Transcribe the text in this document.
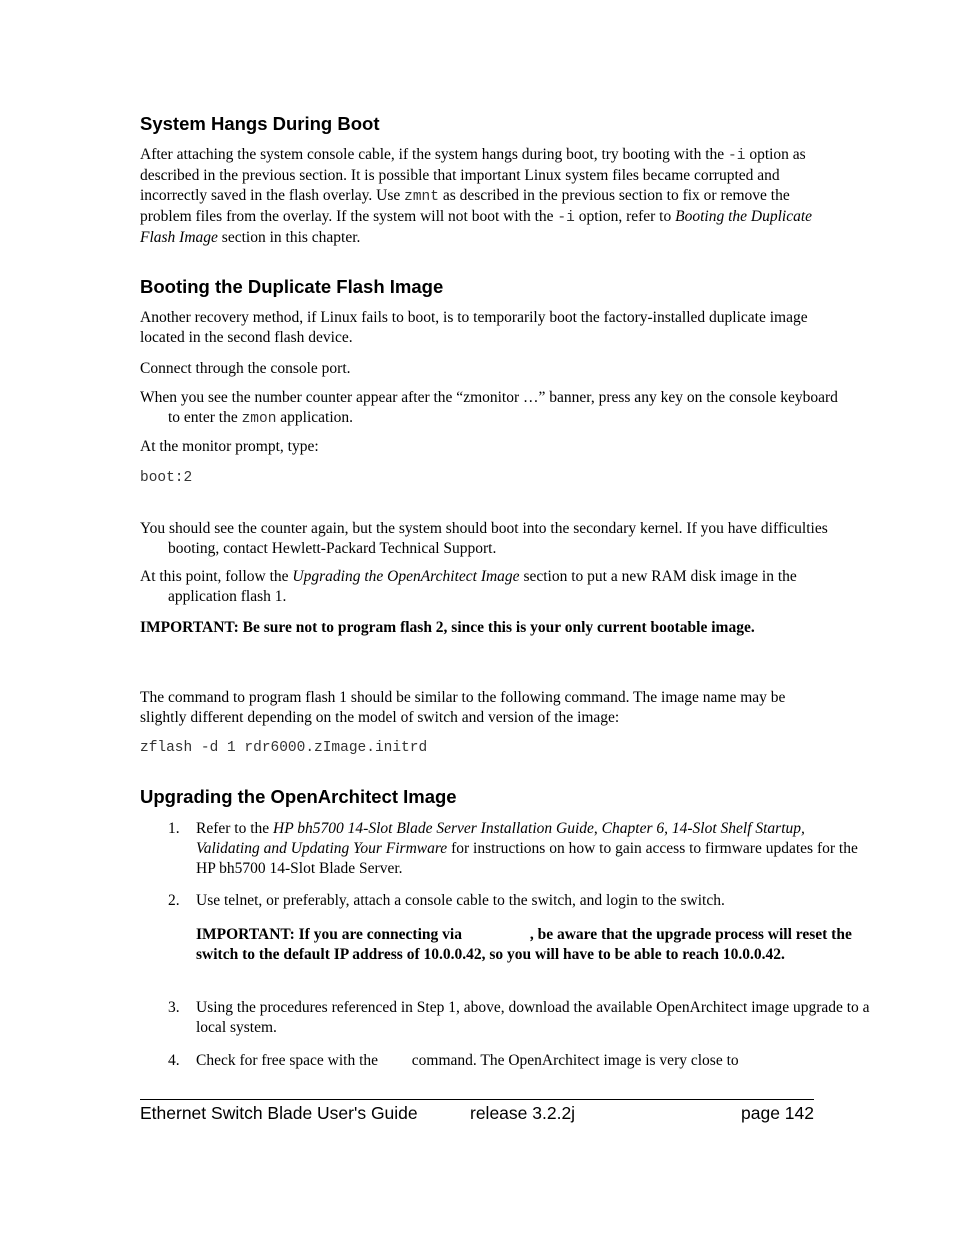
System Hangs During Boot

After attaching the system console cable, if the system hangs during boot, try booting with the -i option as described in the previous section. It is possible that important Linux system files became corrupted and incorrectly saved in the flash overlay. Use zmnt as described in the previous section to fix or remove the problem files from the overlay. If the system will not boot with the -i option, refer to Booting the Duplicate Flash Image section in this chapter.

Booting the Duplicate Flash Image

Another recovery method, if Linux fails to boot, is to temporarily boot the factory-installed duplicate image located in the second flash device.

Connect through the console port.

When you see the number counter appear after the “zmonitor …” banner, press any key on the console keyboard to enter the zmon application.

At the monitor prompt, type:

boot:2

You should see the counter again, but the system should boot into the secondary kernel. If you have difficulties booting, contact Hewlett-Packard Technical Support.

At this point, follow the Upgrading the OpenArchitect Image section to put a new RAM disk image in the application flash 1.

IMPORTANT: Be sure not to program flash 2, since this is your only current bootable image.

The command to program flash 1 should be similar to the following command. The image name may be slightly different depending on the model of switch and version of the image:

zflash -d 1 rdr6000.zImage.initrd

Upgrading the OpenArchitect Image
1. Refer to the HP bh5700 14-Slot Blade Server Installation Guide, Chapter 6, 14-Slot Shelf Startup, Validating and Updating Your Firmware for instructions on how to gain access to firmware updates for the HP bh5700 14-Slot Blade Server.
2. Use telnet, or preferably, attach a console cable to the switch, and login to the switch.

IMPORTANT: If you are connecting via	, be aware that the upgrade process will reset the switch to the default IP address of 10.0.0.42, so you will have to be able to reach 10.0.0.42.

3. Using the procedures referenced in Step 1, above, download the available OpenArchitect image upgrade to a local system.
4. Check for free space with the  command. The OpenArchitect image is very close to
Ethernet Switch Blade User's Guide	release 3.2.2j	page 142
